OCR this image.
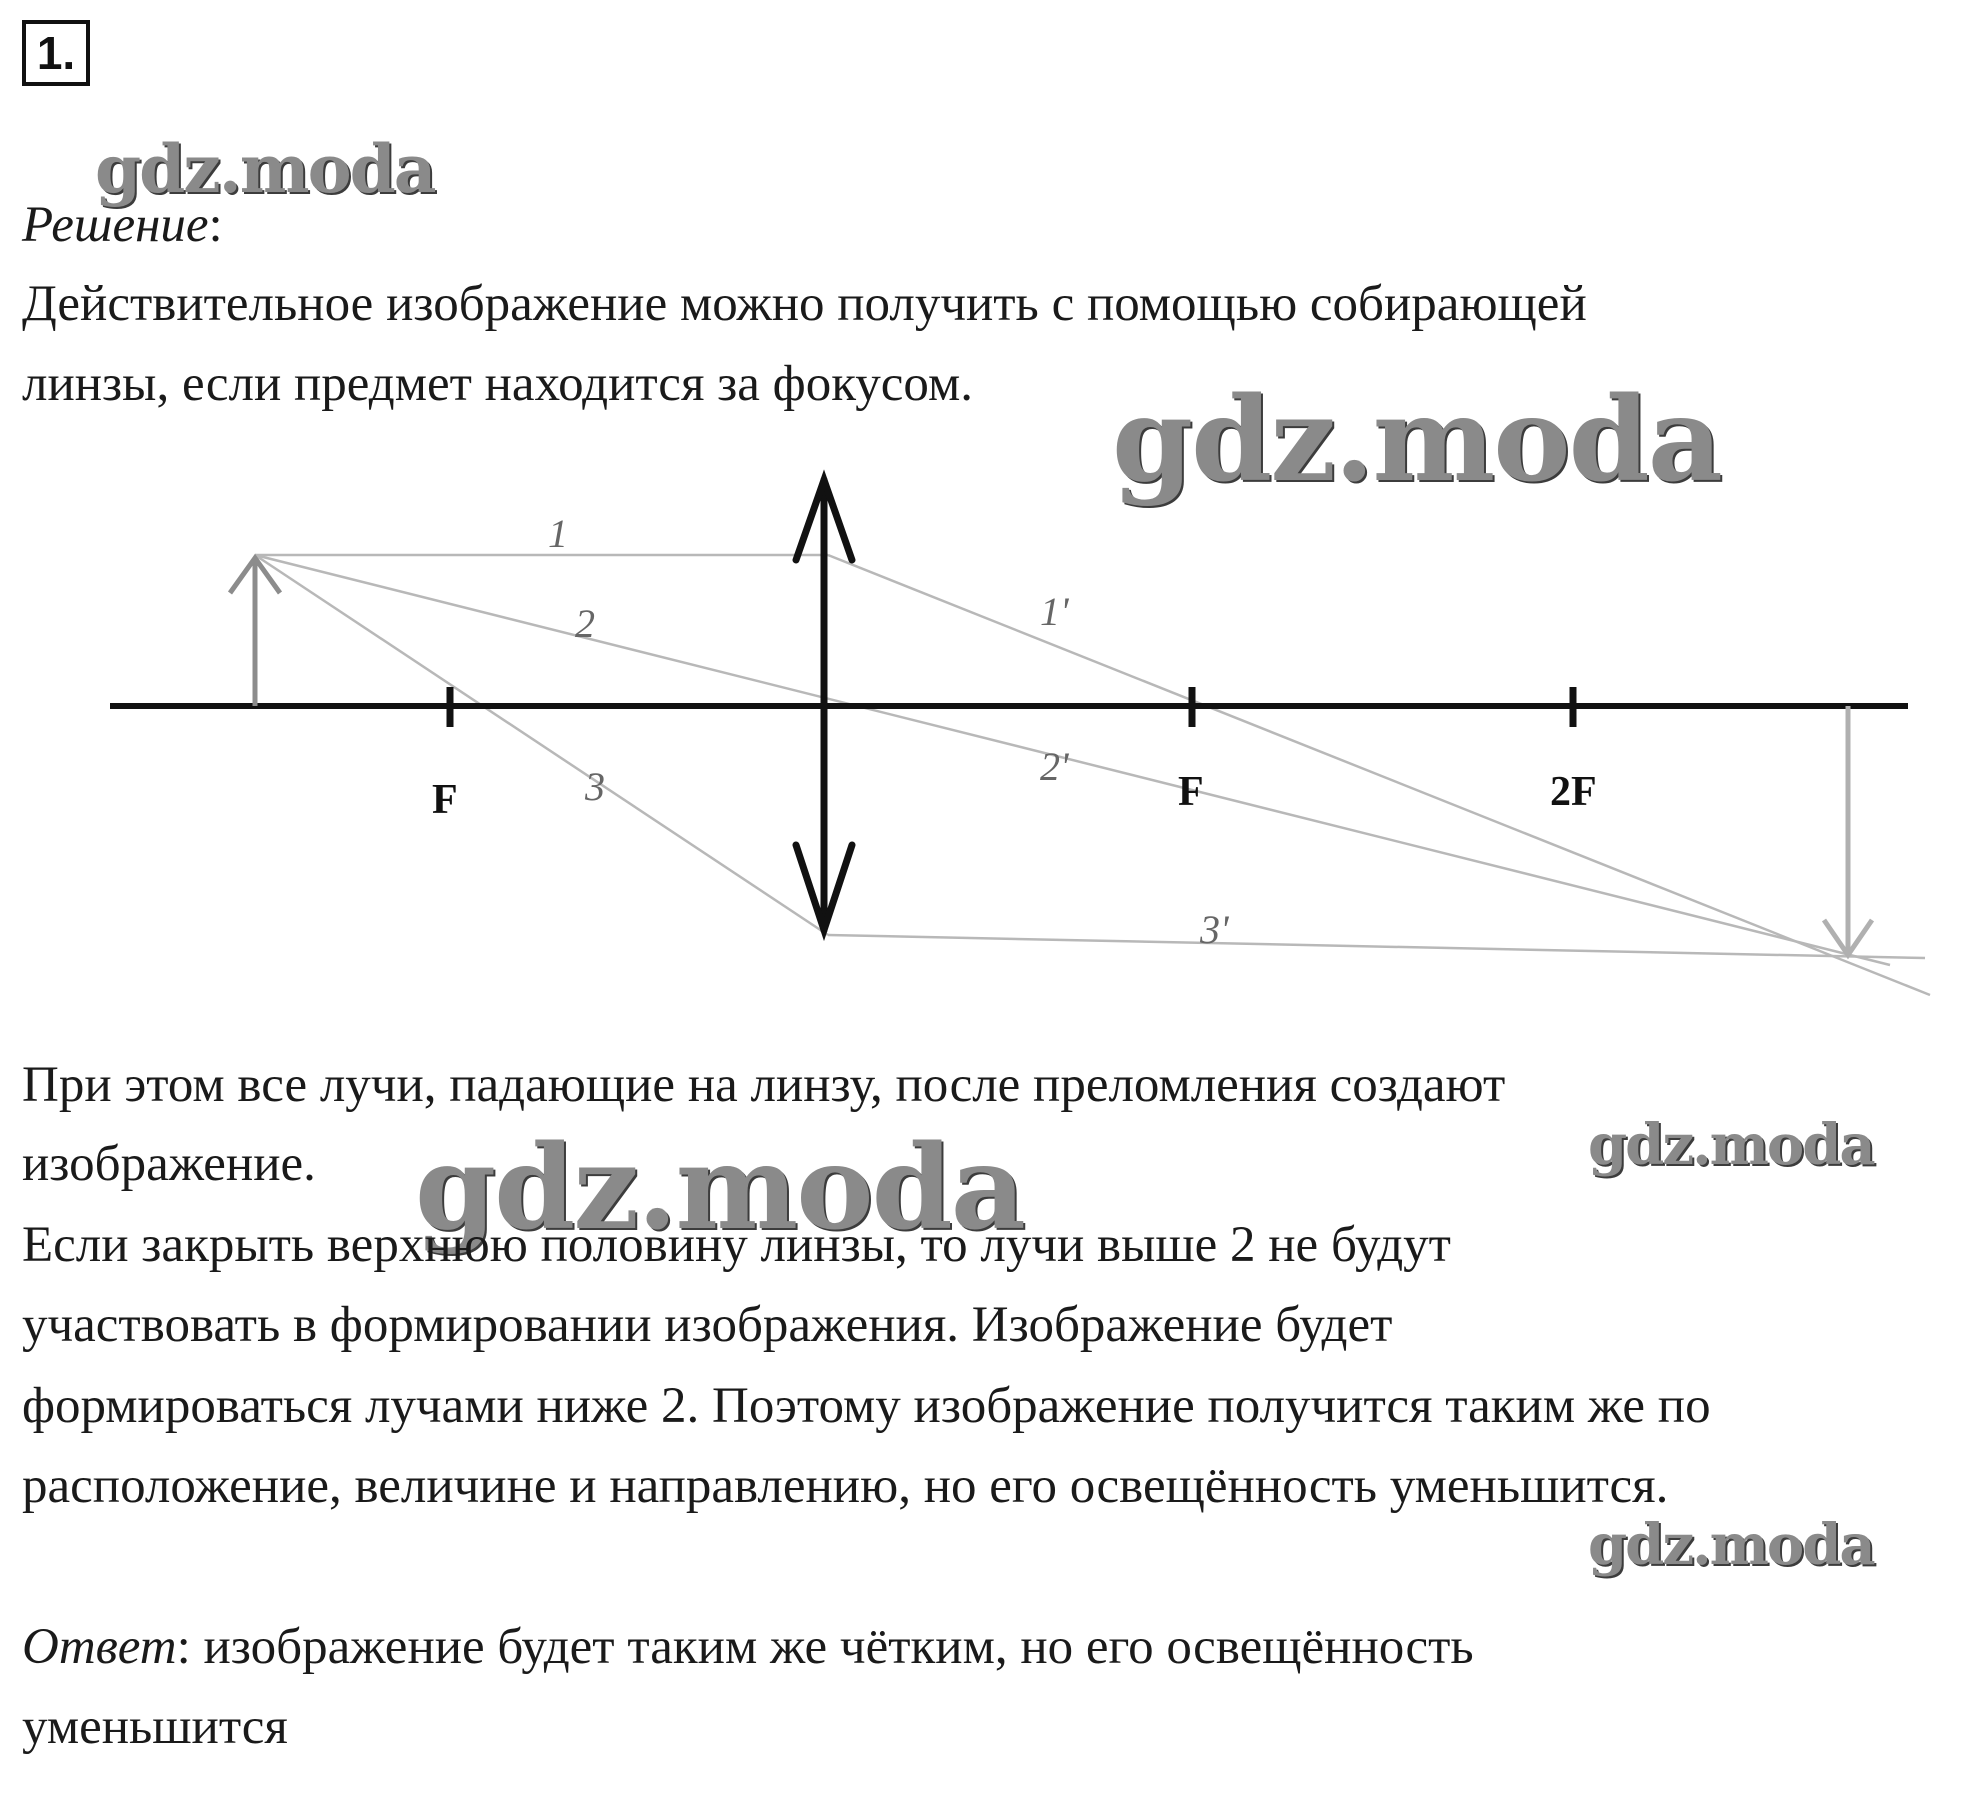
1.
gdz.moda
Решение:
Действительное изображение можно получить с помощью собирающей
линзы, если предмет находится за фокусом. gdz.moda
F	F	2F
1
2
3
1'
2'
3'
При этом все лучи, падающие на линзу, после преломления создают
изображение. gdz.moda	gdz.moda
Если закрыть верхнюю половину линзы, то лучи выше 2 не будут
участвовать в формировании изображения. Изображение будет
формироваться лучами ниже 2. Поэтому изображение получится таким же по
расположение, величине и направлению, но его освещённость уменьшится.
gdz.moda
Ответ: изображение будет таким же чётким, но его освещённость
уменьшится
